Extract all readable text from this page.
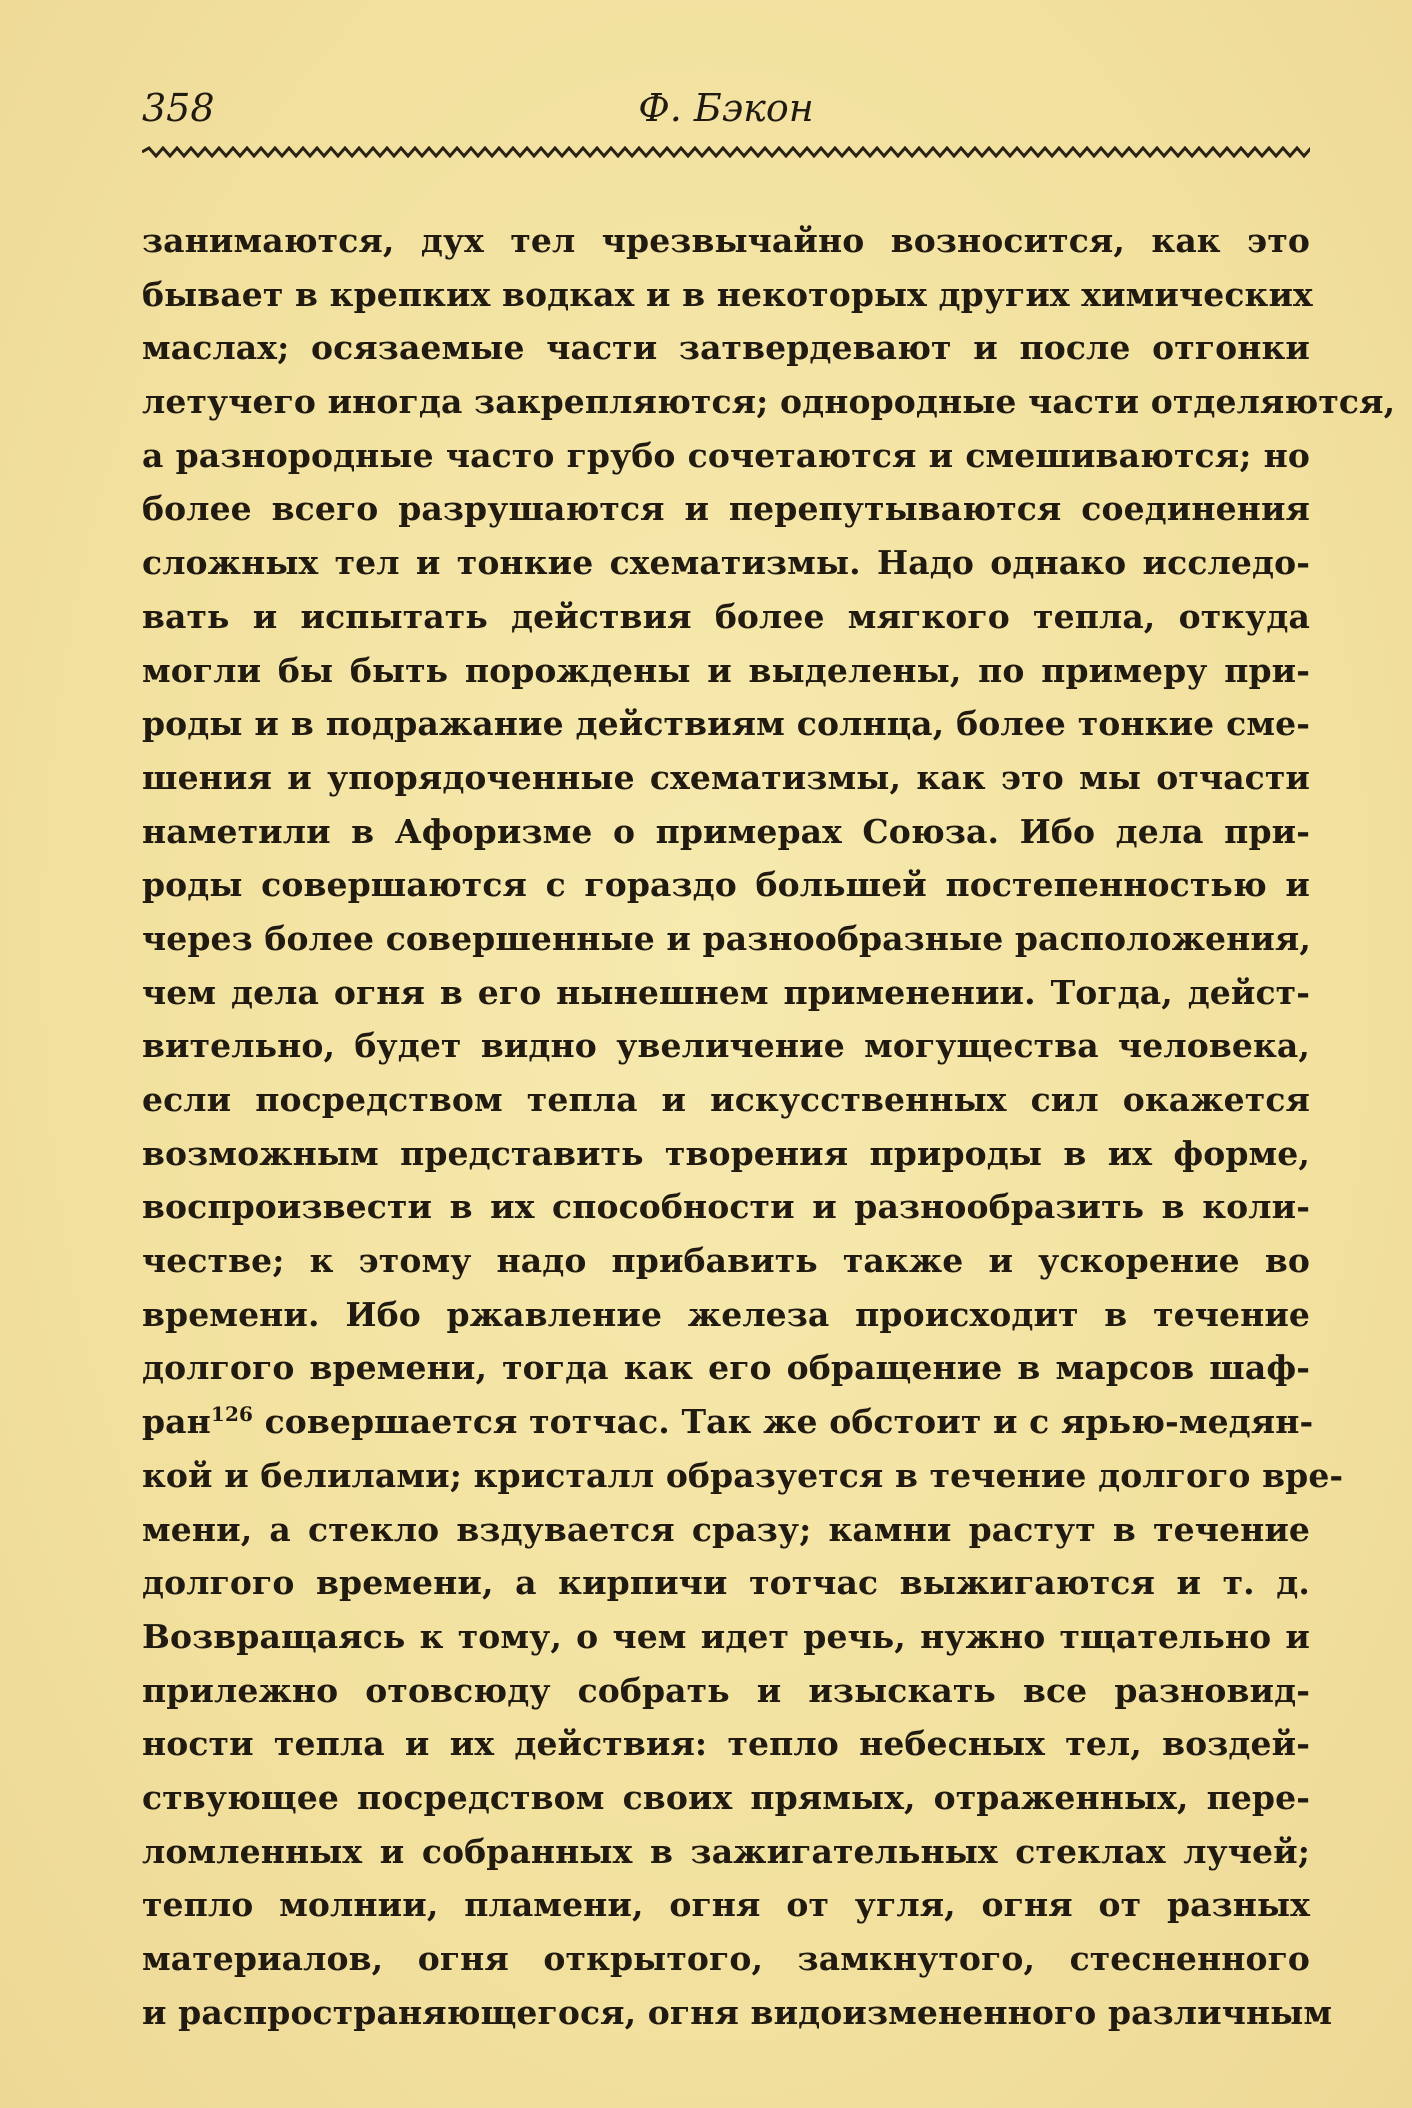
Ф. Бэкон
358
занимаются, дух тел чрезвычайно возносится, как это
бывает в крепких водках и в некоторых других химических
маслах; осязаемые части затвердевают и после отгонки
летучего иногда закрепляются; однородные части отделяются,
а разнородные часто грубо сочетаются и смешиваются; но
более всего разрушаются и перепутываются соединения
сложных тел и тонкие схематизмы. Надо однако исследо-
вать и испытать действия более мягкого тепла, откуда
могли бы быть порождены и выделены, по примеру при-
роды и в подражание действиям солнца, более тонкие сме-
шения и упорядоченные схематизмы, как это мы отчасти
наметили в Афоризме о примерах Союза. Ибо дела при-
роды совершаются с гораздо большей постепенностью и
через более совершенные и разнообразные расположения,
чем дела огня в его нынешнем применении. Тогда, дейст-
вительно, будет видно увеличение могущества человека,
если посредством тепла и искусственных сил окажется
возможным представить творения природы в их форме,
воспроизвести в их способности и разнообразить в коли-
честве; к этому надо прибавить также и ускорение во
времени. Ибо ржавление железа происходит в течение
долгого времени, тогда как его обращение в марсов шаф-
ран$^{126}$ совершается тотчас. Так же обстоит и с ярью-медян-
кой и белилами; кристалл образуется в течение долгого вре-
мени, а стекло вздувается сразу; камни растут в течение
долгого времени, а кирпичи тотчас выжигаются и т. д.
Возвращаясь к тому, о чем идет речь, нужно тщательно и
прилежно отовсюду собрать и изыскать все разновид-
ности тепла и их действия: тепло небесных тел, воздей-
ствующее посредством своих прямых, отраженных, пере-
ломленных и собранных в зажигательных стеклах лучей;
тепло молнии, пламени, огня от угля, огня от разных
материалов, огня открытого, замкнутого, стесненного
и распространяющегося, огня видоизмененного различным
